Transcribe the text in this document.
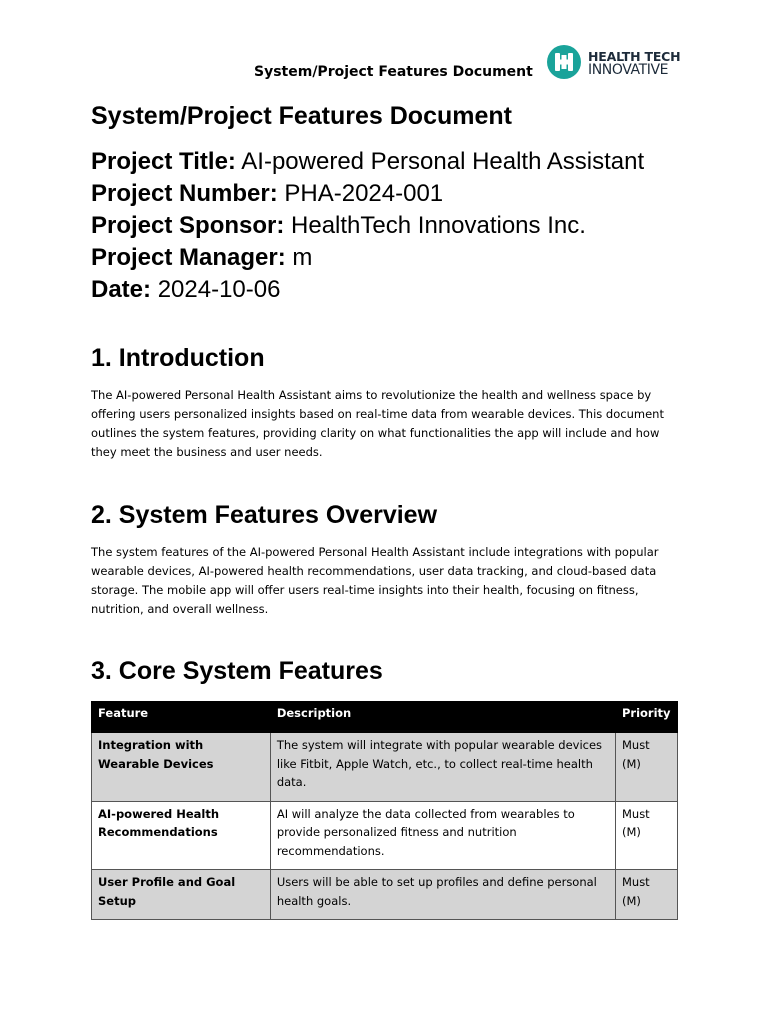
System/Project Features Document
HEALTH TECH
INNOVATIVE
System/Project Features Document
Project Title: AI-powered Personal Health Assistant
Project Number: PHA-2024-001
Project Sponsor: HealthTech Innovations Inc.
Project Manager: m
Date: 2024-10-06
1. Introduction
The AI-powered Personal Health Assistant aims to revolutionize the health and wellness space by offering users personalized insights based on real-time data from wearable devices. This document outlines the system features, providing clarity on what functionalities the app will include and how they meet the business and user needs.
2. System Features Overview
The system features of the AI-powered Personal Health Assistant include integrations with popular wearable devices, AI-powered health recommendations, user data tracking, and cloud-based data storage. The mobile app will offer users real-time insights into their health, focusing on fitness, nutrition, and overall wellness.
3. Core System Features
Feature	Description	Priority
Integration with Wearable Devices	The system will integrate with popular wearable devices like Fitbit, Apple Watch, etc., to collect real-time health data.	Must (M)
AI-powered Health Recommendations	AI will analyze the data collected from wearables to provide personalized fitness and nutrition recommendations.	Must (M)
User Profile and Goal Setup	Users will be able to set up profiles and define personal health goals.	Must (M)
